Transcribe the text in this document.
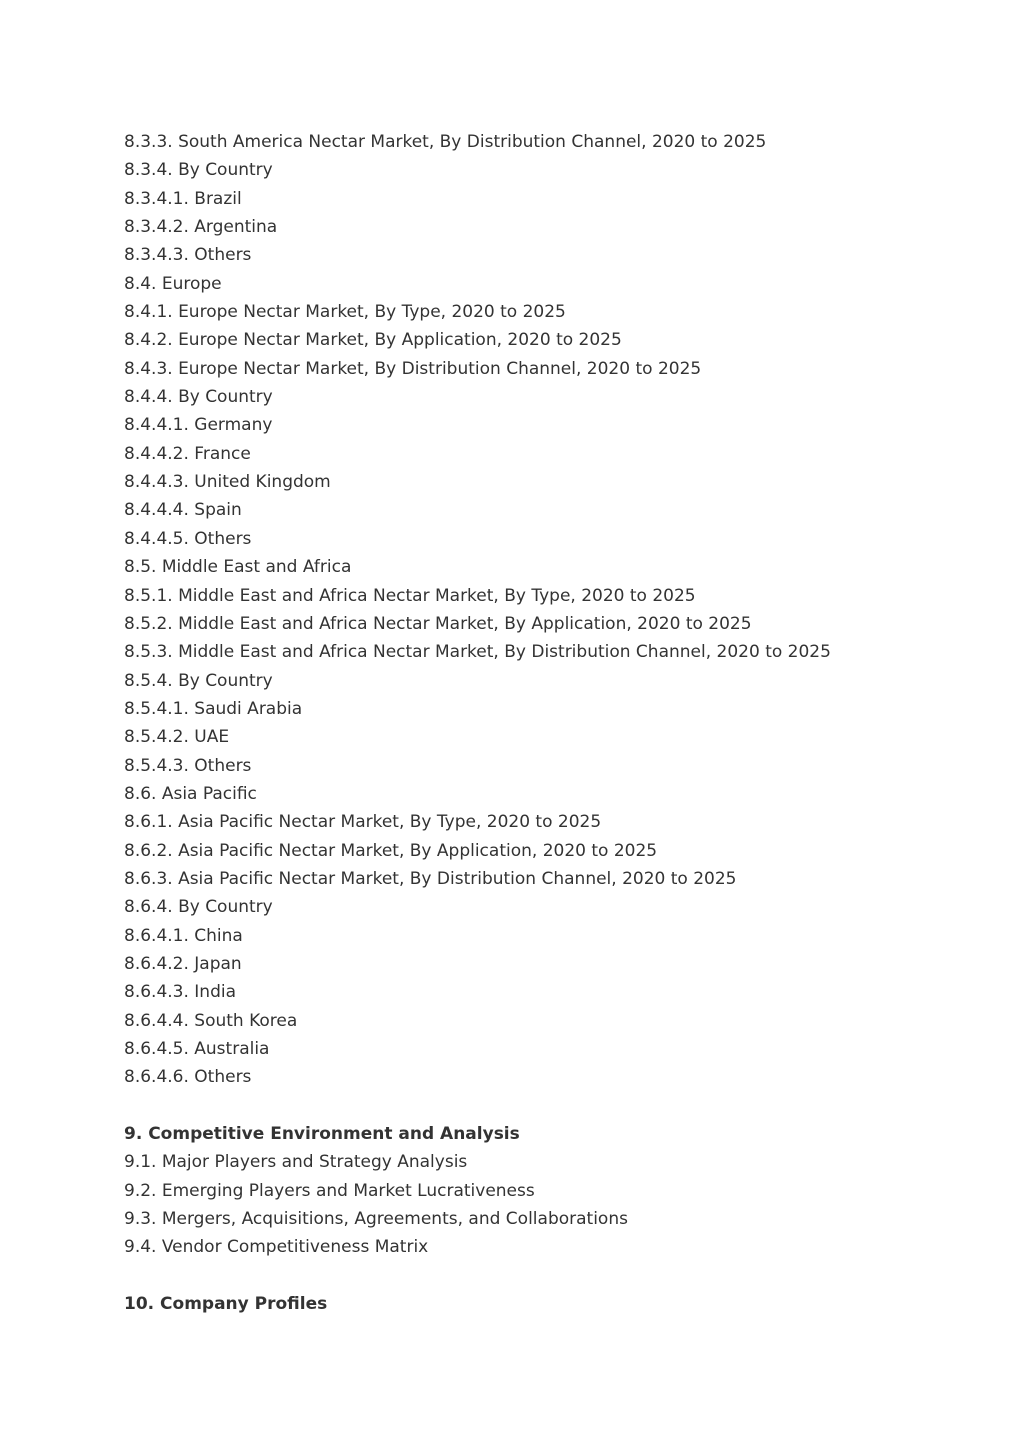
8.3.3. South America Nectar Market, By Distribution Channel, 2020 to 2025
8.3.4. By Country
8.3.4.1. Brazil
8.3.4.2. Argentina
8.3.4.3. Others
8.4. Europe
8.4.1. Europe Nectar Market, By Type, 2020 to 2025
8.4.2. Europe Nectar Market, By Application, 2020 to 2025
8.4.3. Europe Nectar Market, By Distribution Channel, 2020 to 2025
8.4.4. By Country
8.4.4.1. Germany
8.4.4.2. France
8.4.4.3. United Kingdom
8.4.4.4. Spain
8.4.4.5. Others
8.5. Middle East and Africa
8.5.1. Middle East and Africa Nectar Market, By Type, 2020 to 2025
8.5.2. Middle East and Africa Nectar Market, By Application, 2020 to 2025
8.5.3. Middle East and Africa Nectar Market, By Distribution Channel, 2020 to 2025
8.5.4. By Country
8.5.4.1. Saudi Arabia
8.5.4.2. UAE
8.5.4.3. Others
8.6. Asia Pacific
8.6.1. Asia Pacific Nectar Market, By Type, 2020 to 2025
8.6.2. Asia Pacific Nectar Market, By Application, 2020 to 2025
8.6.3. Asia Pacific Nectar Market, By Distribution Channel, 2020 to 2025
8.6.4. By Country
8.6.4.1. China
8.6.4.2. Japan
8.6.4.3. India
8.6.4.4. South Korea
8.6.4.5. Australia
8.6.4.6. Others
9. Competitive Environment and Analysis
9.1. Major Players and Strategy Analysis
9.2. Emerging Players and Market Lucrativeness
9.3. Mergers, Acquisitions, Agreements, and Collaborations
9.4. Vendor Competitiveness Matrix
10. Company Profiles
